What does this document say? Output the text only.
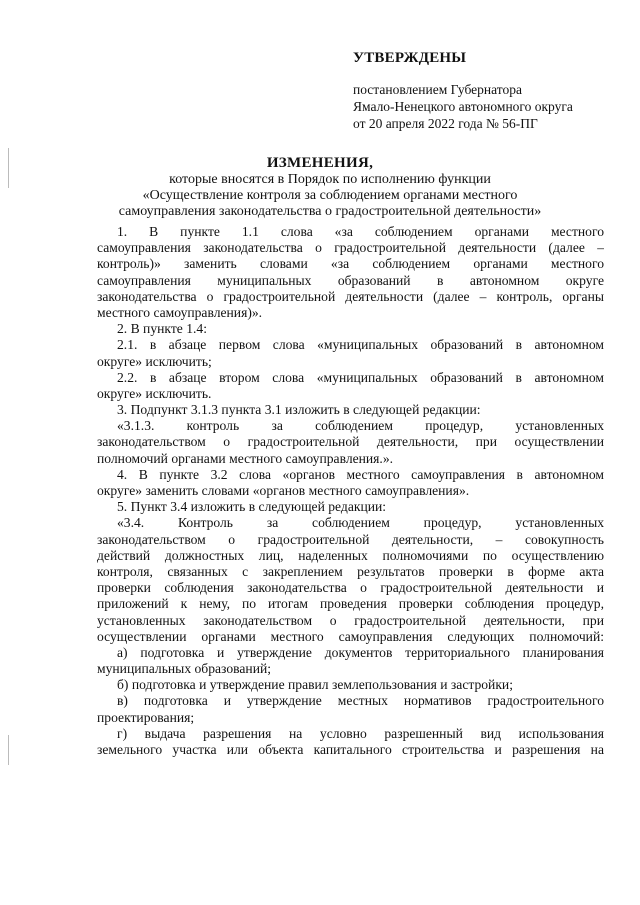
УТВЕРЖДЕНЫ
постановлением Губернатора
Ямало-Ненецкого автономного округа
от 20 апреля 2022 года № 56-ПГ
ИЗМЕНЕНИЯ,
которые вносятся в Порядок по исполнению функции
«Осуществление контроля за соблюдением органами местного
самоуправления законодательства о градостроительной деятельности»
1. В пункте 1.1 слова «за соблюдением органами местного
самоуправления законодательства о градостроительной деятельности (далее –
контроль)» заменить словами «за соблюдением органами местного
самоуправления муниципальных образований в автономном округе
законодательства о градостроительной деятельности (далее – контроль, органы
местного самоуправления)».
2. В пункте 1.4:
2.1. в абзаце первом слова «муниципальных образований в автономном
округе» исключить;
2.2. в абзаце втором слова «муниципальных образований в автономном
округе» исключить.
3. Подпункт 3.1.3 пункта 3.1 изложить в следующей редакции:
«3.1.3. контроль за соблюдением процедур, установленных
законодательством о градостроительной деятельности, при осуществлении
полномочий органами местного самоуправления.».
4. В пункте 3.2 слова «органов местного самоуправления в автономном
округе» заменить словами «органов местного самоуправления».
5. Пункт 3.4 изложить в следующей редакции:
«3.4. Контроль за соблюдением процедур, установленных
законодательством о градостроительной деятельности, – совокупность
действий должностных лиц, наделенных полномочиями по осуществлению
контроля, связанных с закреплением результатов проверки в форме акта
проверки соблюдения законодательства о градостроительной деятельности и
приложений к нему, по итогам проведения проверки соблюдения процедур,
установленных законодательством о градостроительной деятельности, при
осуществлении органами местного самоуправления следующих полномочий:
а) подготовка и утверждение документов территориального планирования
муниципальных образований;
б) подготовка и утверждение правил землепользования и застройки;
в) подготовка и утверждение местных нормативов градостроительного
проектирования;
г) выдача разрешения на условно разрешенный вид использования
земельного участка или объекта капитального строительства и разрешения на
